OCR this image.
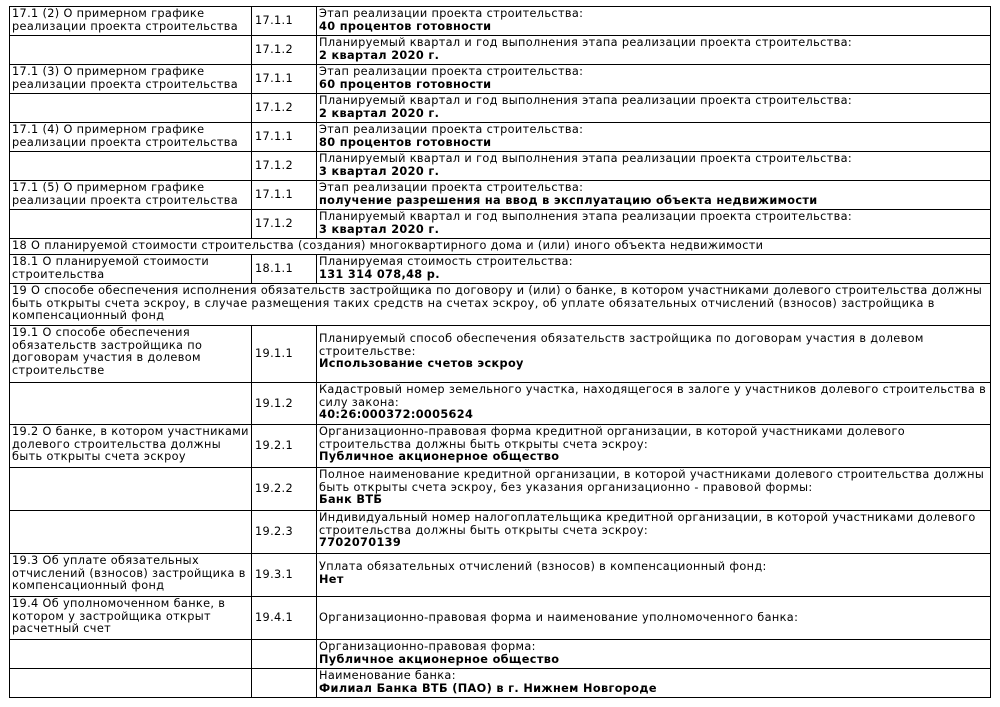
17.1 (2) О примерном графике реализации проекта строительства	17.1.1	Этап реализации проекта строительства:
40 процентов готовности

	17.1.2	Планируемый квартал и год выполнения этапа реализации проекта строительства:
2 квартал 2020 г.

17.1 (3) О примерном графике реализации проекта строительства	17.1.1	Этап реализации проекта строительства:
60 процентов готовности

	17.1.2	Планируемый квартал и год выполнения этапа реализации проекта строительства:
2 квартал 2020 г.

17.1 (4) О примерном графике реализации проекта строительства	17.1.1	Этап реализации проекта строительства:
80 процентов готовности

	17.1.2	Планируемый квартал и год выполнения этапа реализации проекта строительства:
3 квартал 2020 г.

17.1 (5) О примерном графике реализации проекта строительства	17.1.1	Этап реализации проекта строительства:
получение разрешения на ввод в эксплуатацию объекта недвижимости

	17.1.2	Планируемый квартал и год выполнения этапа реализации проекта строительства:
3 квартал 2020 г.

18 О планируемой стоимости строительства (создания) многоквартирного дома и (или) иного объекта недвижимости		
18.1 О планируемой стоимости строительства	18.1.1	Планируемая стоимость строительства:
131 314 078,48 р.

19 О способе обеспечения исполнения обязательств застройщика по договору и (или) о банке, в котором участниками долевого строительства должны быть открыты счета эскроу, в случае размещения таких средств на счетах эскроу, об уплате обязательных отчислений (взносов) застройщика в компенсационный фонд		
19.1 О способе обеспечения обязательств застройщика по договорам участия в долевом строительстве	19.1.1	Планируемый способ обеспечения обязательств застройщика по договорам участия в долевом строительстве:
Использование счетов эскроу

	19.1.2	Кадастровый номер земельного участка, находящегося в залоге у участников долевого строительства в силу закона:
40:26:000372:0005624

19.2 О банке, в котором участниками долевого строительства должны быть открыты счета эскроу	19.2.1	Организационно-правовая форма кредитной организации, в которой участниками долевого строительства должны быть открыты счета эскроу:
Публичное акционерное общество

	19.2.2	Полное наименование кредитной организации, в которой участниками долевого строительства должны быть открыты счета эскроу, без указания организационно - правовой формы:
Банк ВТБ

	19.2.3	Индивидуальный номер налогоплательщика кредитной организации, в которой участниками долевого строительства должны быть открыты счета эскроу:
7702070139

19.3 Об уплате обязательных отчислений (взносов) застройщика в компенсационный фонд	19.3.1	Уплата обязательных отчислений (взносов) в компенсационный фонд:
Нет

19.4 Об уполномоченном банке, в котором у застройщика открыт расчетный счет	19.4.1	Организационно-правовая форма и наименование уполномоченного банка:

		Организационно-правовая форма:
Публичное акционерное общество

		Наименование банка:
Филиал Банка ВТБ (ПАО) в г. Нижнем Новгороде
